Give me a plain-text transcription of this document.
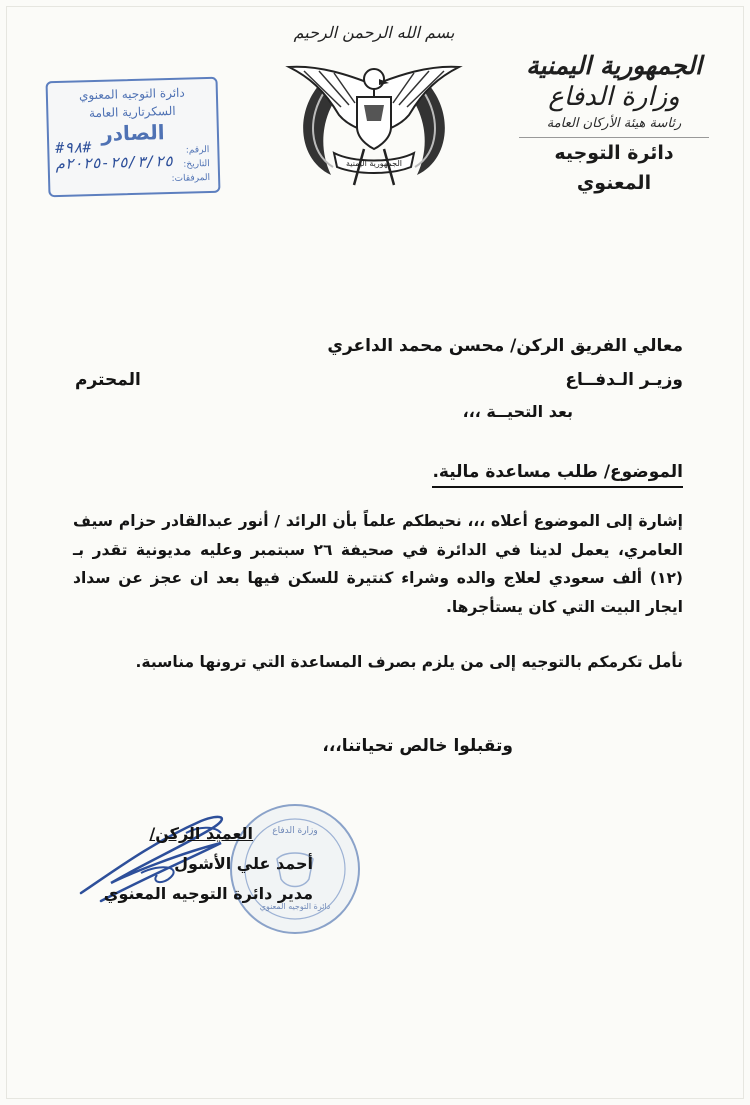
الجمهورية اليمنية
وزارة الدفاع
رئاسة هيئة الأركان العامة
دائرة التوجيه المعنوي
بسم الله الرحمن الرحيم
الجمهورية اليمنية
دائرة التوجيه المعنوي
السكرتارية العامة
الصادر
الرقم:
#٩٨#
التاريخ:
٢٥/٣/٢٥-٢٠٢٥م
المرفقات:
معالي الفريق الركن/ محسن محمد الداعري
وزيـر الـدفــاع
المحترم
بعد التحيــة ،،،
الموضوع/ طلب مساعدة مالية.
إشارة إلى الموضوع أعلاه ،،، نحيطكم علماً بأن الرائد / أنور عبدالقادر حزام سيف العامري، يعمل لدينا في الدائرة في صحيفة ٢٦ سبتمبر وعليه مديونية تقدر بـ (١٢) ألف سعودي لعلاج والده وشراء كنتيرة للسكن فيها بعد ان عجز عن سداد ايجار البيت التي كان يستأجرها.
نأمل تكرمكم بالتوجيه إلى من يلزم بصرف المساعدة التي ترونها مناسبة.
وتقبلوا خالص تحياتنا،،،
وزارة الدفاع
دائرة التوجيه المعنوي
العميد الركن/
أحمد علي الأشول
مدير دائرة التوجيه المعنوي
